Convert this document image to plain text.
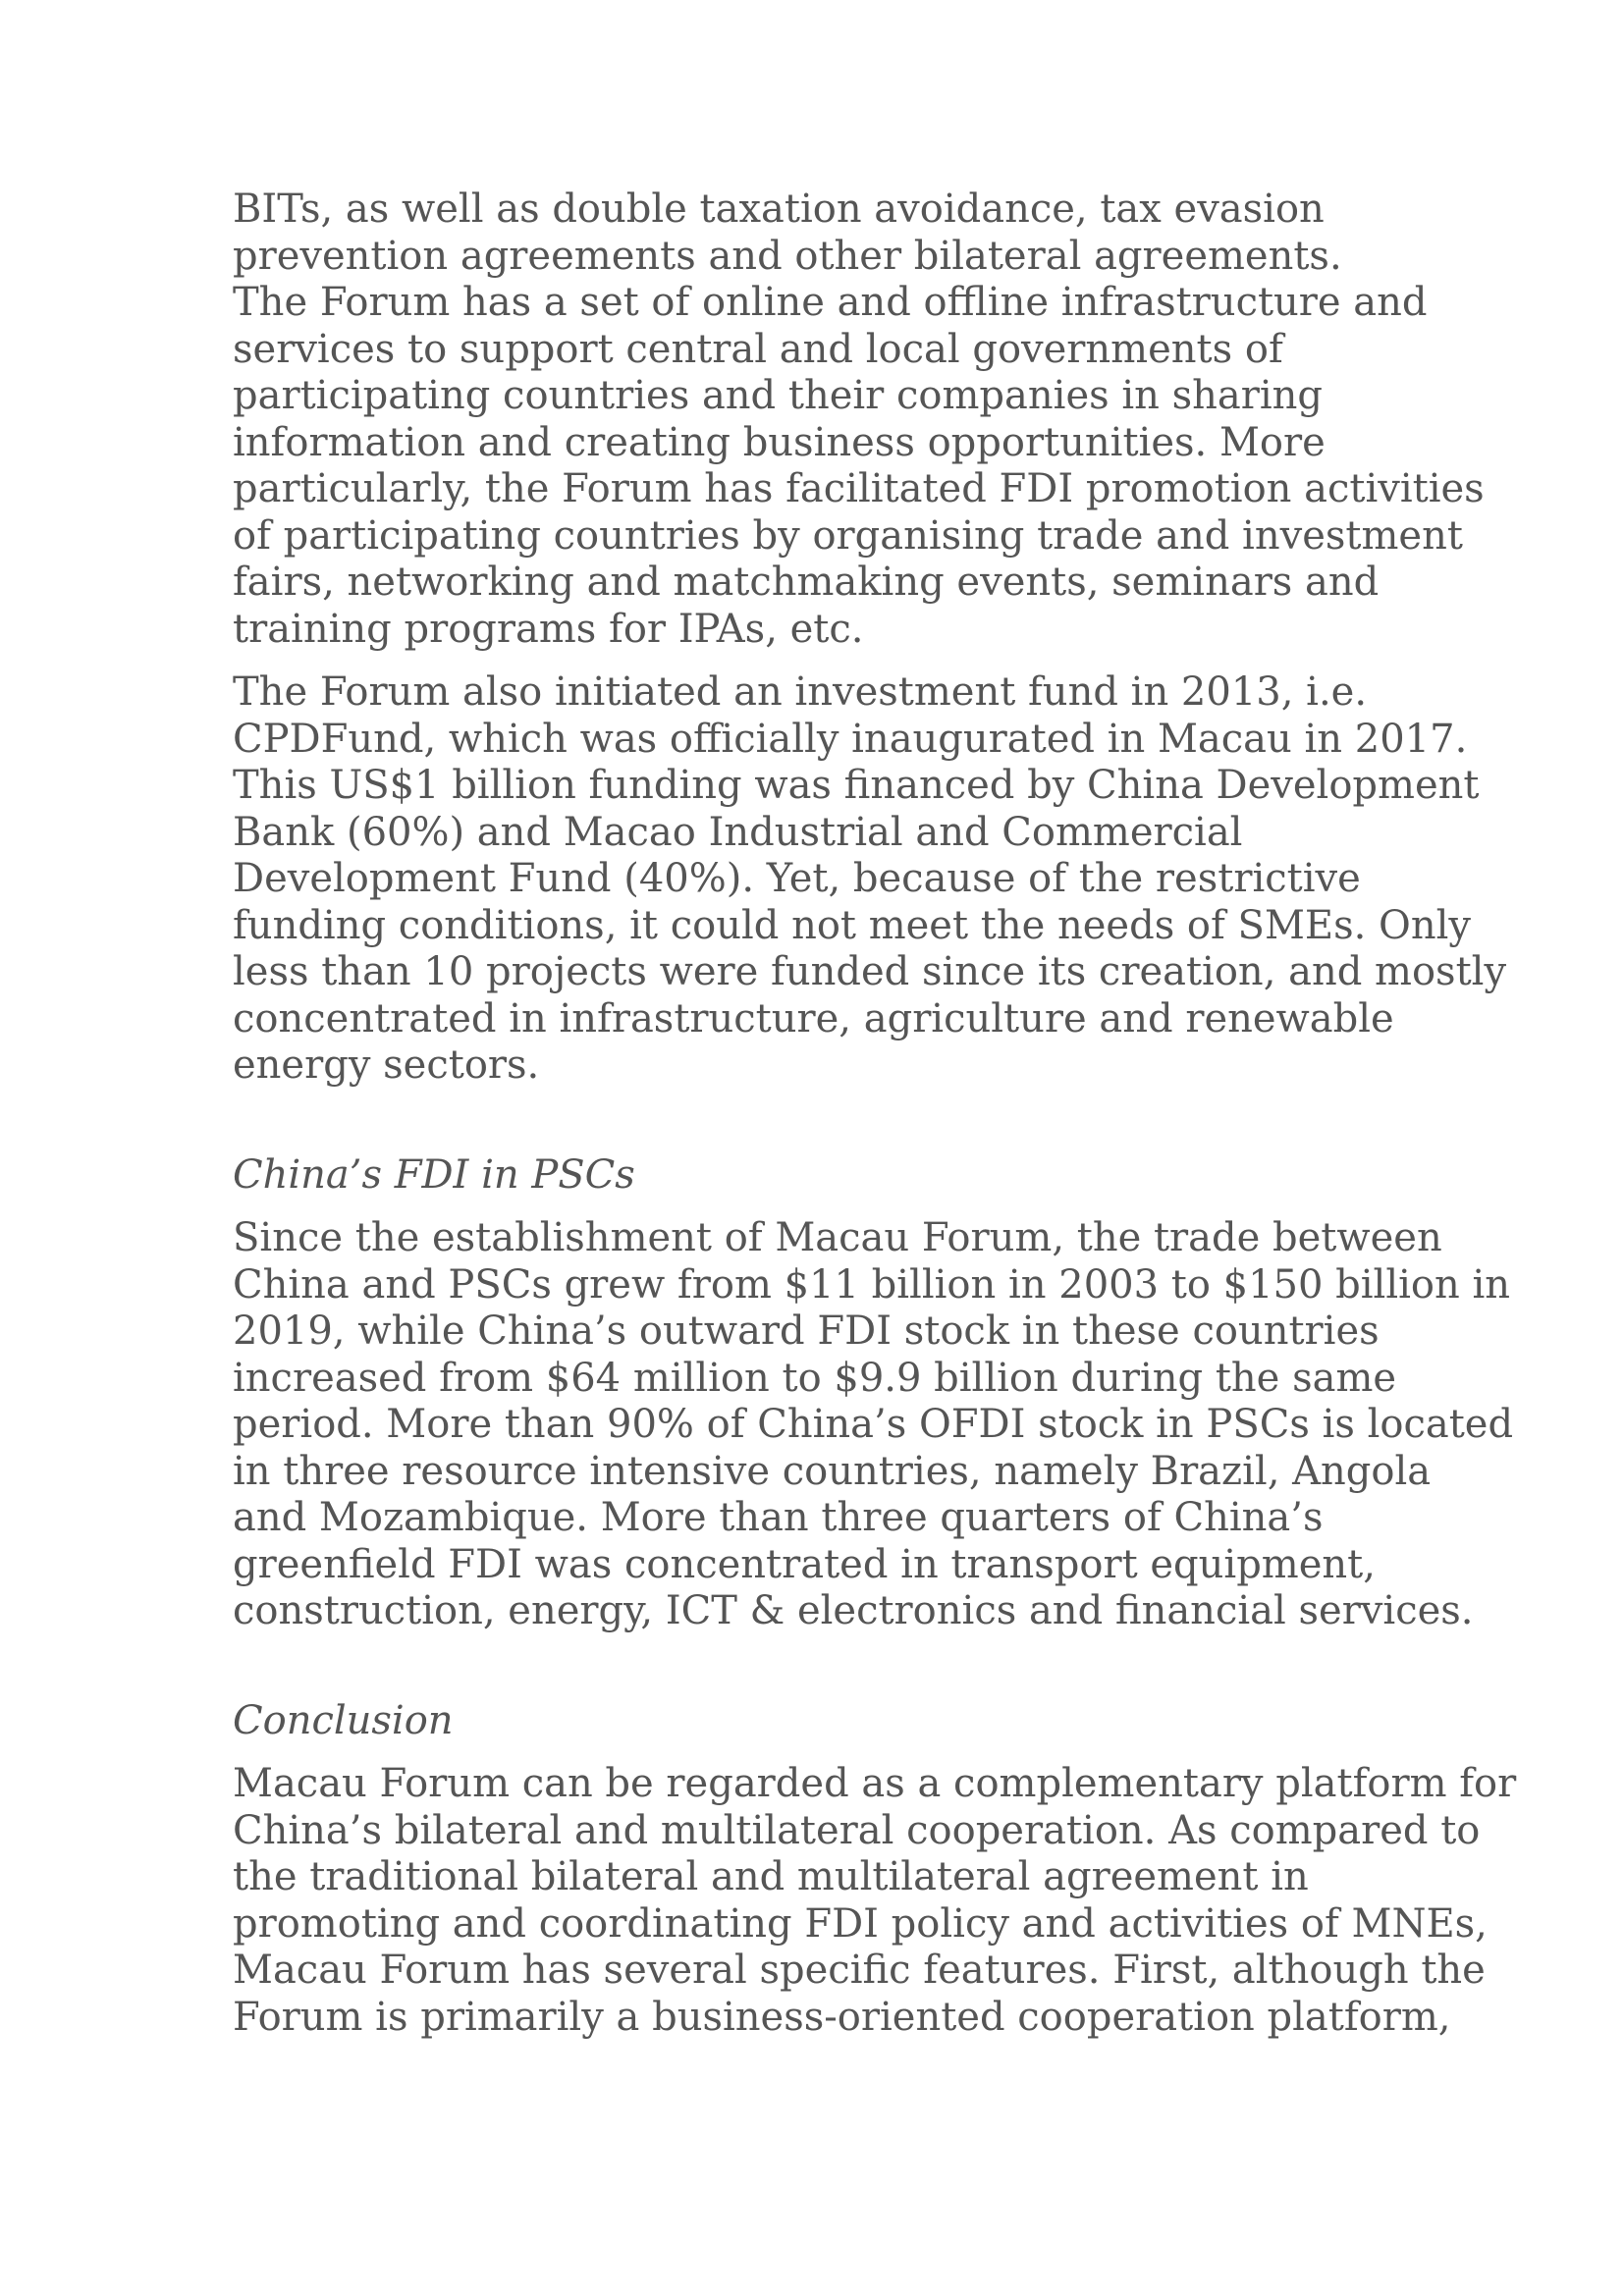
BITs, as well as double taxation avoidance, tax evasion
prevention agreements and other bilateral agreements.
The Forum has a set of online and offline infrastructure and
services to support central and local governments of
participating countries and their companies in sharing
information and creating business opportunities. More
particularly, the Forum has facilitated FDI promotion activities
of participating countries by organising trade and investment
fairs, networking and matchmaking events, seminars and
training programs for IPAs, etc.
The Forum also initiated an investment fund in 2013, i.e.
CPDFund, which was officially inaugurated in Macau in 2017.
This US$1 billion funding was financed by China Development
Bank (60%) and Macao Industrial and Commercial
Development Fund (40%). Yet, because of the restrictive
funding conditions, it could not meet the needs of SMEs. Only
less than 10 projects were funded since its creation, and mostly
concentrated in infrastructure, agriculture and renewable
energy sectors.
China’s FDI in PSCs
Since the establishment of Macau Forum, the trade between
China and PSCs grew from $11 billion in 2003 to $150 billion in
2019, while China’s outward FDI stock in these countries
increased from $64 million to $9.9 billion during the same
period. More than 90% of China’s OFDI stock in PSCs is located
in three resource intensive countries, namely Brazil, Angola
and Mozambique. More than three quarters of China’s
greenfield FDI was concentrated in transport equipment,
construction, energy, ICT & electronics and financial services.
Conclusion
Macau Forum can be regarded as a complementary platform for
China’s bilateral and multilateral cooperation. As compared to
the traditional bilateral and multilateral agreement in
promoting and coordinating FDI policy and activities of MNEs,
Macau Forum has several specific features. First, although the
Forum is primarily a business-oriented cooperation platform,
